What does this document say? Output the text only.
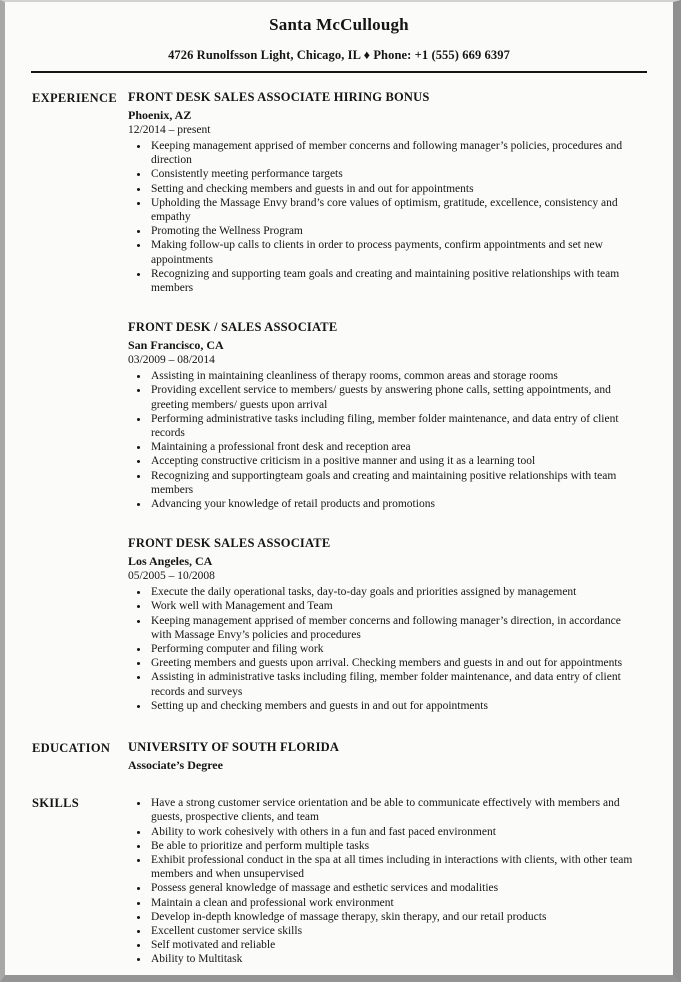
Santa McCullough
4726 Runolfsson Light, Chicago, IL ♦ Phone: +1 (555) 669 6397
EXPERIENCE FRONT DESK SALES ASSOCIATE HIRING BONUS
Phoenix, AZ
12/2014 – present
• Keeping management apprised of member concerns and following manager’s policies, procedures and direction
• Consistently meeting performance targets
• Setting and checking members and guests in and out for appointments
• Upholding the Massage Envy brand’s core values of optimism, gratitude, excellence, consistency and empathy
• Promoting the Wellness Program
• Making follow-up calls to clients in order to process payments, confirm appointments and set new appointments
• Recognizing and supporting team goals and creating and maintaining positive relationships with team members
FRONT DESK / SALES ASSOCIATE
San Francisco, CA
03/2009 – 08/2014
• Assisting in maintaining cleanliness of therapy rooms, common areas and storage rooms
• Providing excellent service to members/ guests by answering phone calls, setting appointments, and greeting members/ guests upon arrival
• Performing administrative tasks including filing, member folder maintenance, and data entry of client records
• Maintaining a professional front desk and reception area
• Accepting constructive criticism in a positive manner and using it as a learning tool
• Recognizing and supportingteam goals and creating and maintaining positive relationships with team members
• Advancing your knowledge of retail products and promotions
FRONT DESK SALES ASSOCIATE
Los Angeles, CA
05/2005 – 10/2008
• Execute the daily operational tasks, day-to-day goals and priorities assigned by management
• Work well with Management and Team
• Keeping management apprised of member concerns and following manager’s direction, in accordance with Massage Envy’s policies and procedures
• Performing computer and filing work
• Greeting members and guests upon arrival. Checking members and guests in and out for appointments
• Assisting in administrative tasks including filing, member folder maintenance, and data entry of client records and surveys
• Setting up and checking members and guests in and out for appointments
EDUCATION	UNIVERSITY OF SOUTH FLORIDA
Associate’s Degree
SKILLS	• Have a strong customer service orientation and be able to communicate effectively with members and guests, prospective clients, and team
• Ability to work cohesively with others in a fun and fast paced environment
• Be able to prioritize and perform multiple tasks
• Exhibit professional conduct in the spa at all times including in interactions with clients, with other team members and when unsupervised
• Possess general knowledge of massage and esthetic services and modalities
• Maintain a clean and professional work environment
• Develop in-depth knowledge of massage therapy, skin therapy, and our retail products
• Excellent customer service skills
• Self motivated and reliable
• Ability to Multitask
